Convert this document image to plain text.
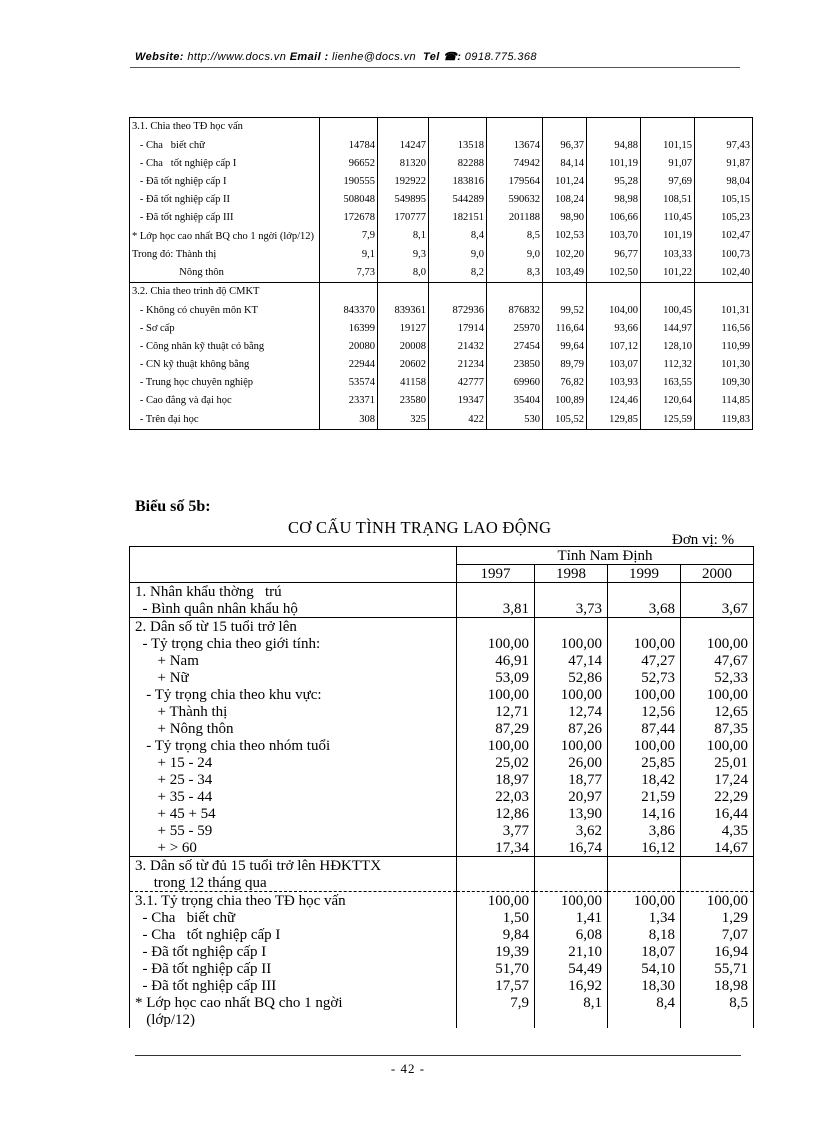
Website: http://www.docs.vn Email : lienhe@docs.vn Tel ☎: 0918.775.368
3.1. Chia theo TĐ học vấn								
- Cha   biết chữ	14784	14247	13518	13674	96,37	94,88	101,15	97,43
- Cha   tốt nghiệp cấp I	96652	81320	82288	74942	84,14	101,19	91,07	91,87
- Đã tốt nghiệp cấp I	190555	192922	183816	179564	101,24	95,28	97,69	98,04
- Đã tốt nghiệp cấp II	508048	549895	544289	590632	108,24	98,98	108,51	105,15
- Đã tốt nghiệp cấp III	172678	170777	182151	201188	98,90	106,66	110,45	105,23
* Lớp học cao nhất BQ cho 1 ngời (lớp/12)	7,9	8,1	8,4	8,5	102,53	103,70	101,19	102,47
Trong đó: Thành thị	9,1	9,3	9,0	9,0	102,20	96,77	103,33	100,73
Nông thôn	7,73	8,0	8,2	8,3	103,49	102,50	101,22	102,40
3.2. Chia theo trình độ CMKT								
- Không có chuyên môn KT	843370	839361	872936	876832	99,52	104,00	100,45	101,31
- Sơ cấp	16399	19127	17914	25970	116,64	93,66	144,97	116,56
- Công nhân kỹ thuật có bằng	20080	20008	21432	27454	99,64	107,12	128,10	110,99
- CN kỹ thuật không bằng	22944	20602	21234	23850	89,79	103,07	112,32	101,30
- Trung học chuyên nghiệp	53574	41158	42777	69960	76,82	103,93	163,55	109,30
- Cao đẳng và đại học	23371	23580	19347	35404	100,89	124,46	120,64	114,85
- Trên đại học	308	325	422	530	105,52	129,85	125,59	119,83
Biểu số 5b:
CƠ CẤU TÌNH TRẠNG LAO ĐỘNG
Đơn vị: %
	Tỉnh Nam Định			
	1997	1998	1999	2000
1. Nhân khẩu thờng   trú				
- Bình quân nhân khẩu hộ	3,81	3,73	3,68	3,67
2. Dân số từ 15 tuổi trở lên				
- Tỷ trọng chia theo giới tính:	100,00	100,00	100,00	100,00
+ Nam	46,91	47,14	47,27	47,67
+ Nữ	53,09	52,86	52,73	52,33
- Tỷ trọng chia theo khu vực:	100,00	100,00	100,00	100,00
+ Thành thị	12,71	12,74	12,56	12,65
+ Nông thôn	87,29	87,26	87,44	87,35
- Tỷ trọng chia theo nhóm tuổi	100,00	100,00	100,00	100,00
+ 15 - 24	25,02	26,00	25,85	25,01
+ 25 - 34	18,97	18,77	18,42	17,24
+ 35 - 44	22,03	20,97	21,59	22,29
+ 45 + 54	12,86	13,90	14,16	16,44
+ 55 - 59	3,77	3,62	3,86	4,35
+ > 60	17,34	16,74	16,12	14,67
3. Dân số từ đủ 15 tuổi trở lên HĐKTTX				
trong 12 tháng qua				
3.1. Tỷ trọng chia theo TĐ học vấn	100,00	100,00	100,00	100,00
- Cha   biết chữ	1,50	1,41	1,34	1,29
- Cha   tốt nghiệp cấp I	9,84	6,08	8,18	7,07
- Đã tốt nghiệp cấp I	19,39	21,10	18,07	16,94
- Đã tốt nghiệp cấp II	51,70	54,49	54,10	55,71
- Đã tốt nghiệp cấp III	17,57	16,92	18,30	18,98
* Lớp học cao nhất BQ cho 1 ngời	7,9	8,1	8,4	8,5
(lớp/12)				
- 42 -
